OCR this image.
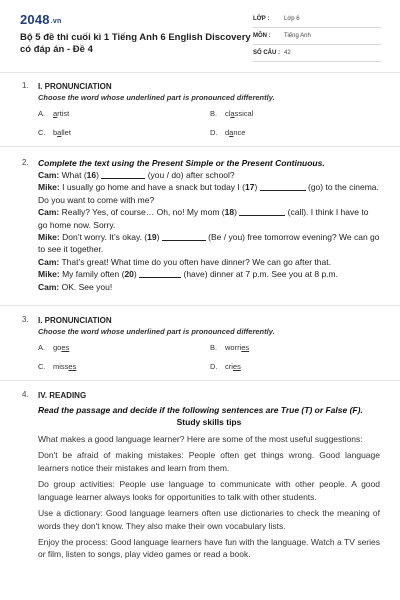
2048.vn
Bộ 5 đề thi cuối kì 1 Tiếng Anh 6 English Discovery có đáp án - Đề 4
LỚP : Lớp 6
MÔN : Tiếng Anh
SỐ CÂU : 42
1. I. PRONUNCIATION
Choose the word whose underlined part is pronounced differently.
A. artist	B. classical
C. ballet	D. dance
2. Complete the text using the Present Simple or the Present Continuous.
Cam: What (16)	(you / do) after school?
Mike: I usually go home and have a snack but today I (17)	(go) to the cinema. Do you want to come with me?
Cam: Really? Yes, of course… Oh, no! My mom (18)	(call). I think I have to go home now. Sorry.
Mike: Don’t worry. It’s okay. (19)	(Be / you) free tomorrow evening? We can go to see it together.
Cam: That’s great! What time do you often have dinner? We can go after that.
Mike: My family often (20)	(have) dinner at 7 p.m. See you at 8 p.m.
Cam: OK. See you!
3. I. PRONUNCIATION
Choose the word whose underlined part is pronounced differently.
A. goes	B. worries
C. misses	D. cries
4. IV. READING
Read the passage and decide if the following sentences are True (T) or False (F).
Study skills tips
What makes a good language learner? Here are some of the most useful suggestions:
Don't be afraid of making mistakes: People often get things wrong. Good language learners notice their mistakes and learn from them.
Do group activities: People use language to communicate with other people. A good language learner always looks for opportunities to talk with other students.
Use a dictionary: Good language learners often use dictionaries to check the meaning of words they don't know. They also make their own vocabulary lists.
Enjoy the process: Good language learners have fun with the language. Watch a TV series or film, listen to songs, play video games or read a book.
